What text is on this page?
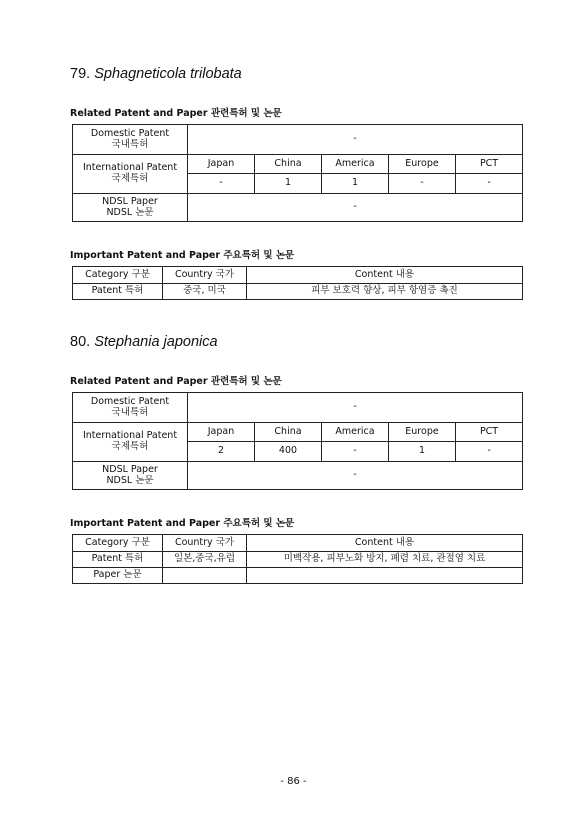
79. Sphagneticola trilobata
Related Patent and Paper 관련특허 및 논문
Domestic Patent
국내특허	-				

International Patent
국제특허	Japan	China	America	Europe	PCT
	-	1	1	-	-

NDSL Paper
NDSL 논문	-				
Important Patent and Paper 주요특허 및 논문
Category 구분	Country 국가	Content 내용
Patent 특허	중국, 미국	피부 보호력 향상, 피부 항염증 촉진
80. Stephania japonica
Related Patent and Paper 관련특허 및 논문
Domestic Patent
국내특허	-				

International Patent
국제특허	Japan	China	America	Europe	PCT
	2	400	-	1	-

NDSL Paper
NDSL 논문	-				
Important Patent and Paper 주요특허 및 논문
Category 구분	Country 국가	Content 내용
Patent 특허	일본,중국,유럽	미백작용, 피부노화 방지, 폐렴 치료, 관절염 치료
Paper 논문		
- 86 -
